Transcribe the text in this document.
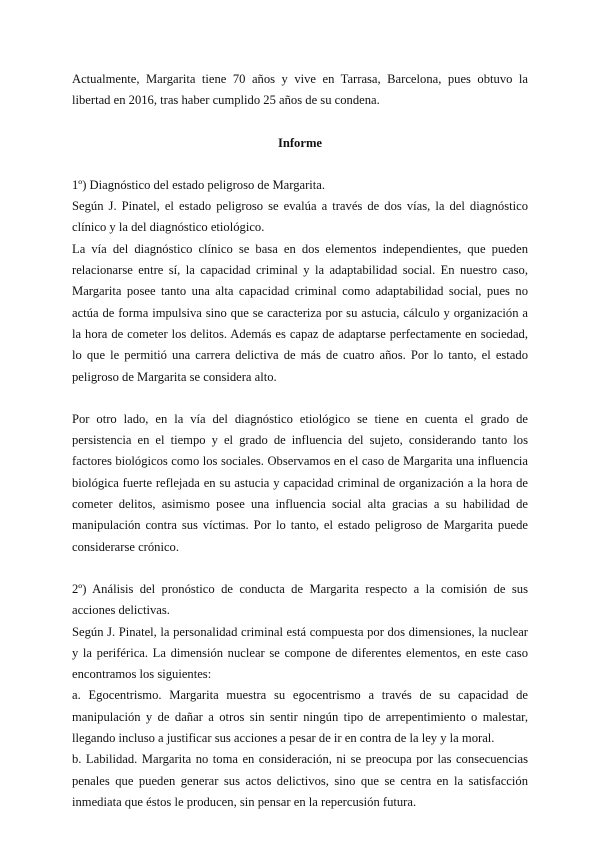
Actualmente, Margarita tiene 70 años y vive en Tarrasa, Barcelona, pues obtuvo la libertad en 2016, tras haber cumplido 25 años de su condena.

Informe

1º) Diagnóstico del estado peligroso de Margarita.

Según J. Pinatel, el estado peligroso se evalúa a través de dos vías, la del diagnóstico clínico y la del diagnóstico etiológico.

La vía del diagnóstico clínico se basa en dos elementos independientes, que pueden relacionarse entre sí, la capacidad criminal y la adaptabilidad social. En nuestro caso, Margarita posee tanto una alta capacidad criminal como adaptabilidad social, pues no actúa de forma impulsiva sino que se caracteriza por su astucia, cálculo y organización a la hora de cometer los delitos. Además es capaz de adaptarse perfectamente en sociedad, lo que le permitió una carrera delictiva de más de cuatro años. Por lo tanto, el estado peligroso de Margarita se considera alto.

Por otro lado, en la vía del diagnóstico etiológico se tiene en cuenta el grado de persistencia en el tiempo y el grado de influencia del sujeto, considerando tanto los factores biológicos como los sociales. Observamos en el caso de Margarita una influencia biológica fuerte reflejada en su astucia y capacidad criminal de organización a la hora de cometer delitos, asimismo posee una influencia social alta gracias a su habilidad de manipulación contra sus víctimas. Por lo tanto, el estado peligroso de Margarita puede considerarse crónico.

2º) Análisis del pronóstico de conducta de Margarita respecto a la comisión de sus acciones delictivas.

Según J. Pinatel, la personalidad criminal está compuesta por dos dimensiones, la nuclear y la periférica. La dimensión nuclear se compone de diferentes elementos, en este caso encontramos los siguientes:

a. Egocentrismo. Margarita muestra su egocentrismo a través de su capacidad de manipulación y de dañar a otros sin sentir ningún tipo de arrepentimiento o malestar, llegando incluso a justificar sus acciones a pesar de ir en contra de la ley y la moral.

b. Labilidad. Margarita no toma en consideración, ni se preocupa por las consecuencias penales que pueden generar sus actos delictivos, sino que se centra en la satisfacción inmediata que éstos le producen, sin pensar en la repercusión futura.
